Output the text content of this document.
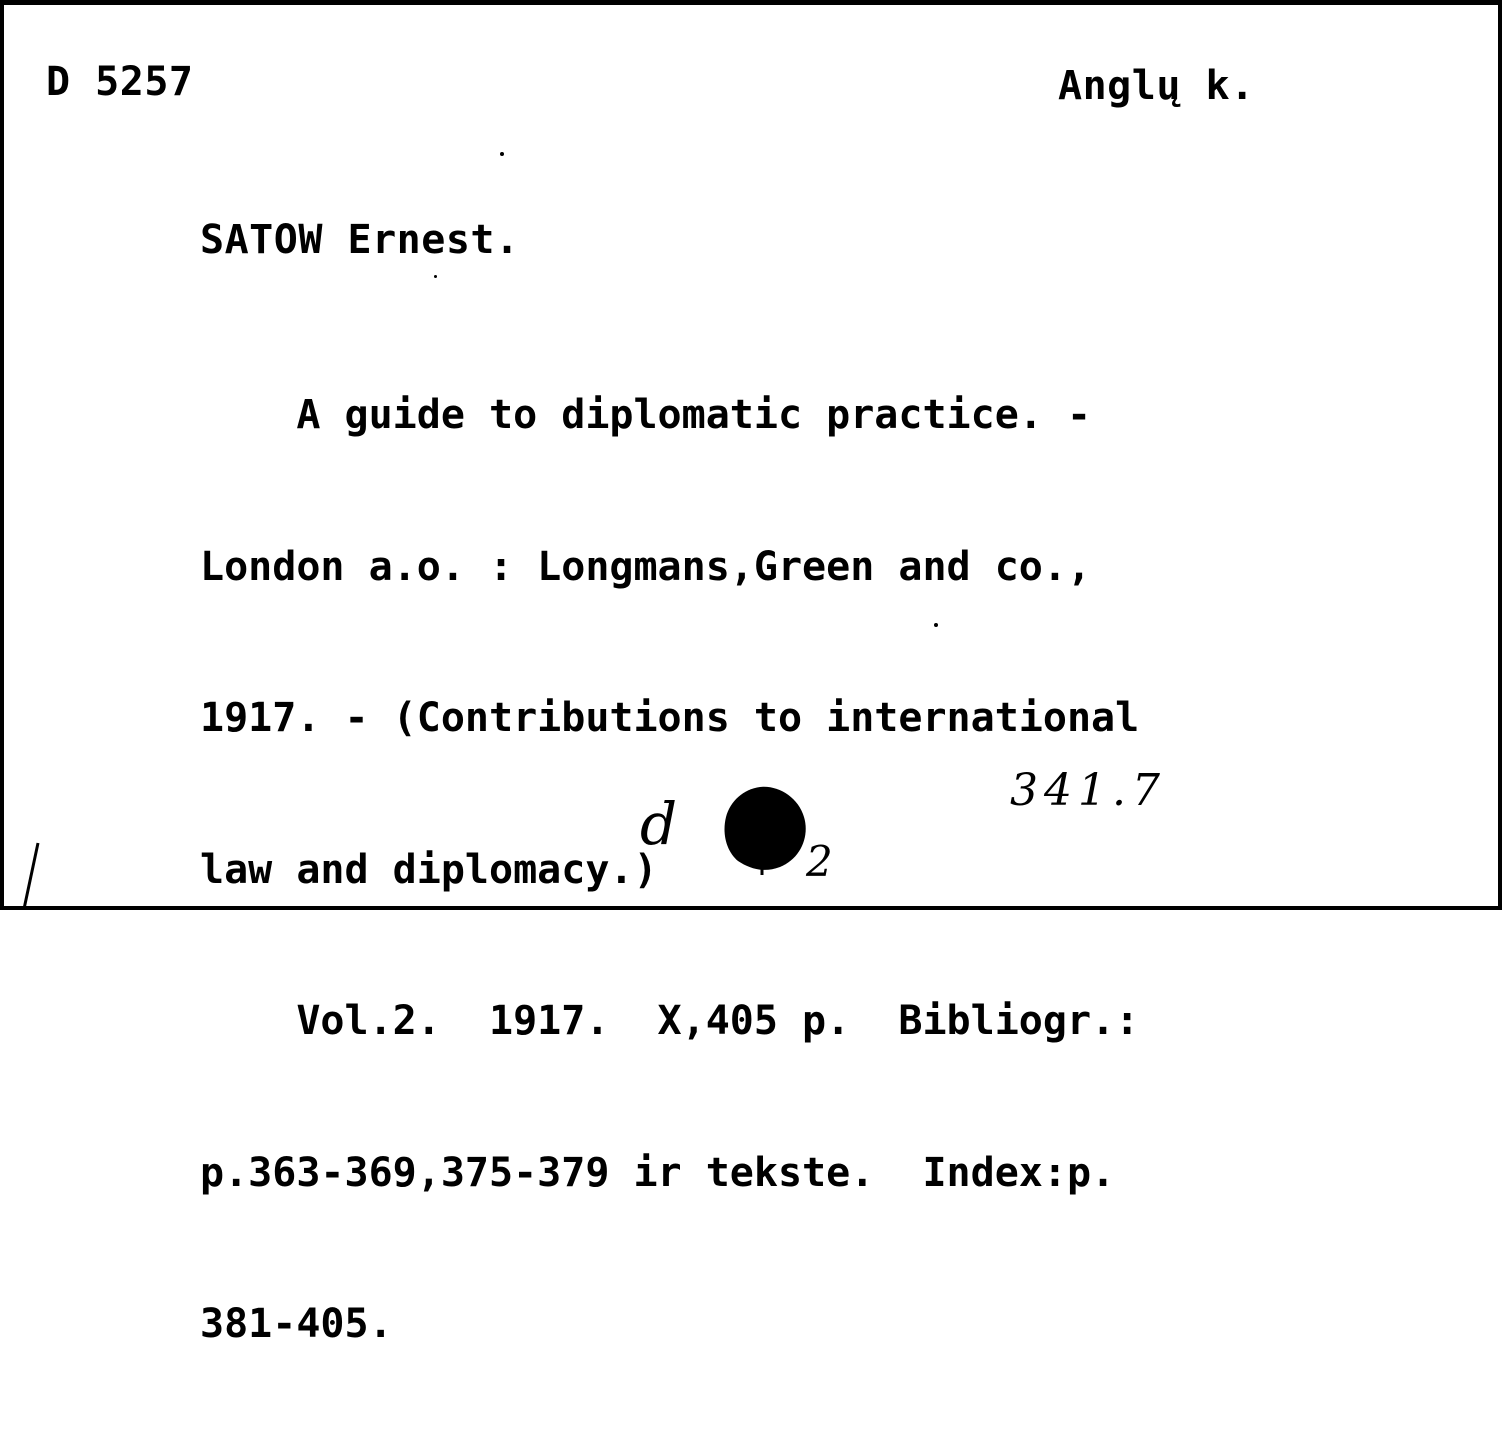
D 5257	Anglų k.
SATOW Ernest.

A guide to diplomatic practice. -

London a.o. : Longmans,Green and co.,

1917. - (Contributions to international

law and diplomacy.)

Vol.2.  1917.  X,405 p.  Bibliogr.:

p.363-369,375-379 ir tekste.  Index:p.

381-405.

341.7
d
2
